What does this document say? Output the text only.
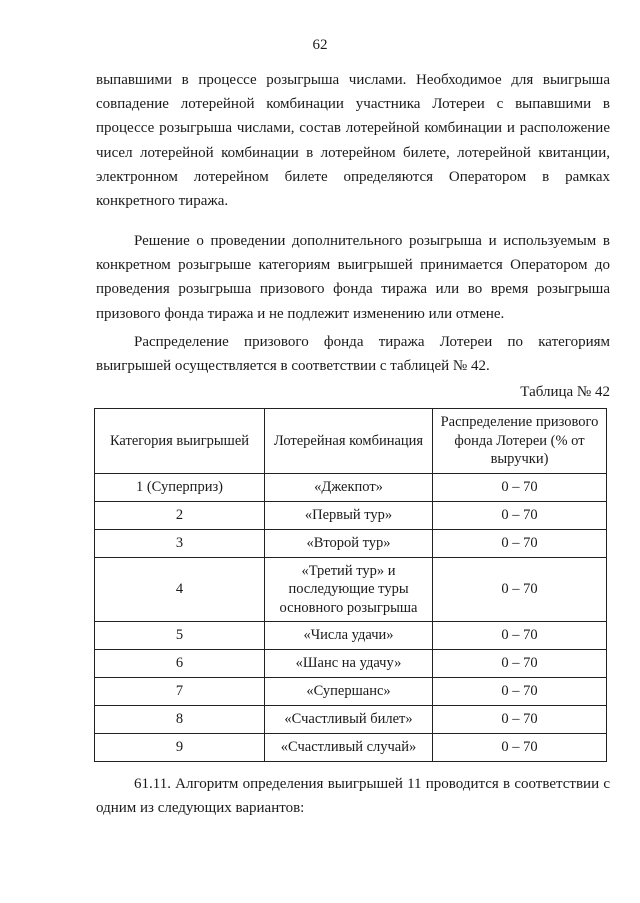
62

выпавшими в процессе розыгрыша числами. Необходимое для выигрыша совпадение лотерейной комбинации участника Лотереи с выпавшими в процессе розыгрыша числами, состав лотерейной комбинации и расположение чисел лотерейной комбинации в лотерейном билете, лотерейной квитанции, электронном лотерейном билете определяются Оператором в рамках конкретного тиража.

Решение о проведении дополнительного розыгрыша и используемым в конкретном розыгрыше категориям выигрышей принимается Оператором до проведения розыгрыша призового фонда тиража или во время розыгрыша призового фонда тиража и не подлежит изменению или отмене.

Распределение призового фонда тиража Лотереи по категориям выигрышей осуществляется в соответствии с таблицей № 42.

Таблица № 42
Категория выигрышей	Лотерейная комбинация	Распределение призового фонда Лотереи (% от выручки)
1 (Суперприз)	«Джекпот»	0 – 70
2	«Первый тур»	0 – 70
3	«Второй тур»	0 – 70
4	«Третий тур» и последующие туры основного розыгрыша	0 – 70
5	«Числа удачи»	0 – 70
6	«Шанс на удачу»	0 – 70
7	«Супершанс»	0 – 70
8	«Счастливый билет»	0 – 70
9	«Счастливый случай»	0 – 70

61.11. Алгоритм определения выигрышей 11 проводится в соответствии с одним из следующих вариантов:
